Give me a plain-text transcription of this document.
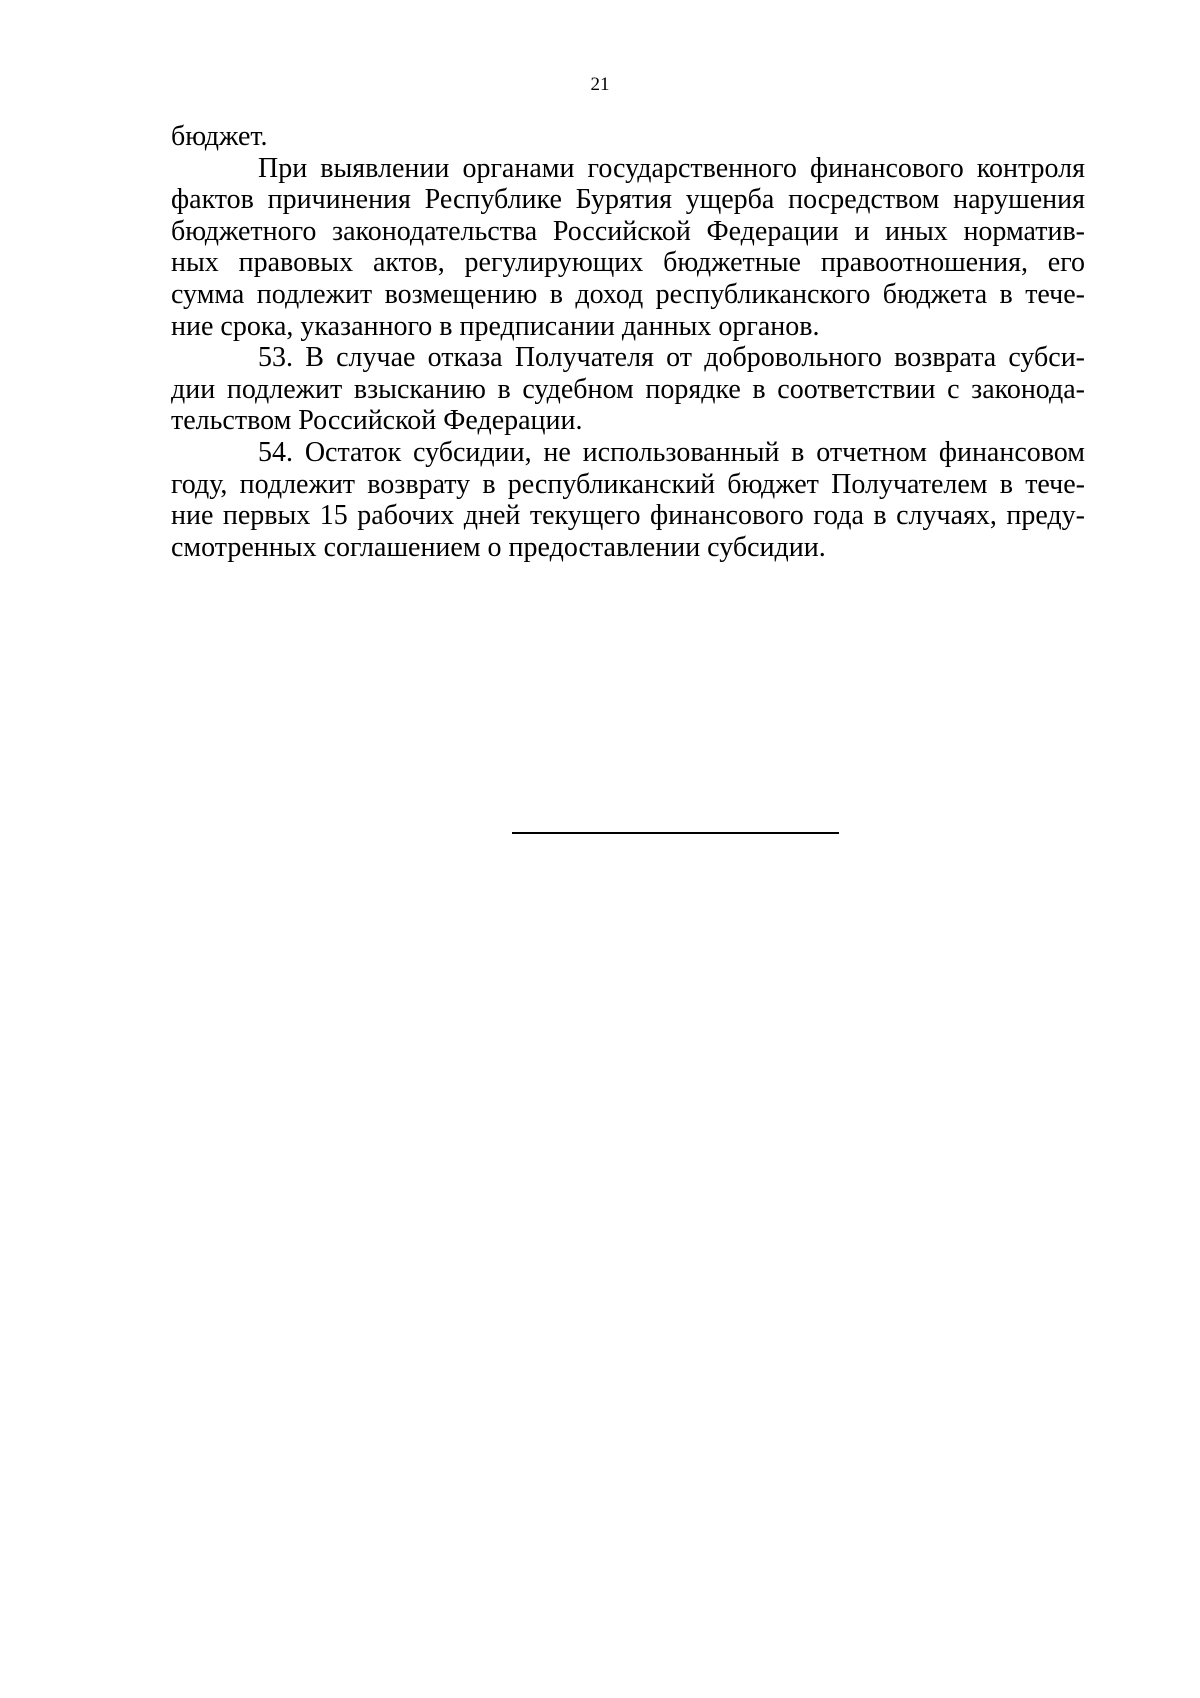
21
бюджет.
При выявлении органами государственного финансового контроля
фактов причинения Республике Бурятия ущерба посредством нарушения
бюджетного законодательства Российской Федерации и иных норматив-
ных правовых актов, регулирующих бюджетные правоотношения, его
сумма подлежит возмещению в доход республиканского бюджета в тече-
ние срока, указанного в предписании данных органов.
53. В случае отказа Получателя от добровольного возврата субси-
дии подлежит взысканию в судебном порядке в соответствии с законода-
тельством Российской Федерации.
54. Остаток субсидии, не использованный в отчетном финансовом
году, подлежит возврату в республиканский бюджет Получателем в тече-
ние первых 15 рабочих дней текущего финансового года в случаях, преду-
смотренных соглашением о предоставлении субсидии.
